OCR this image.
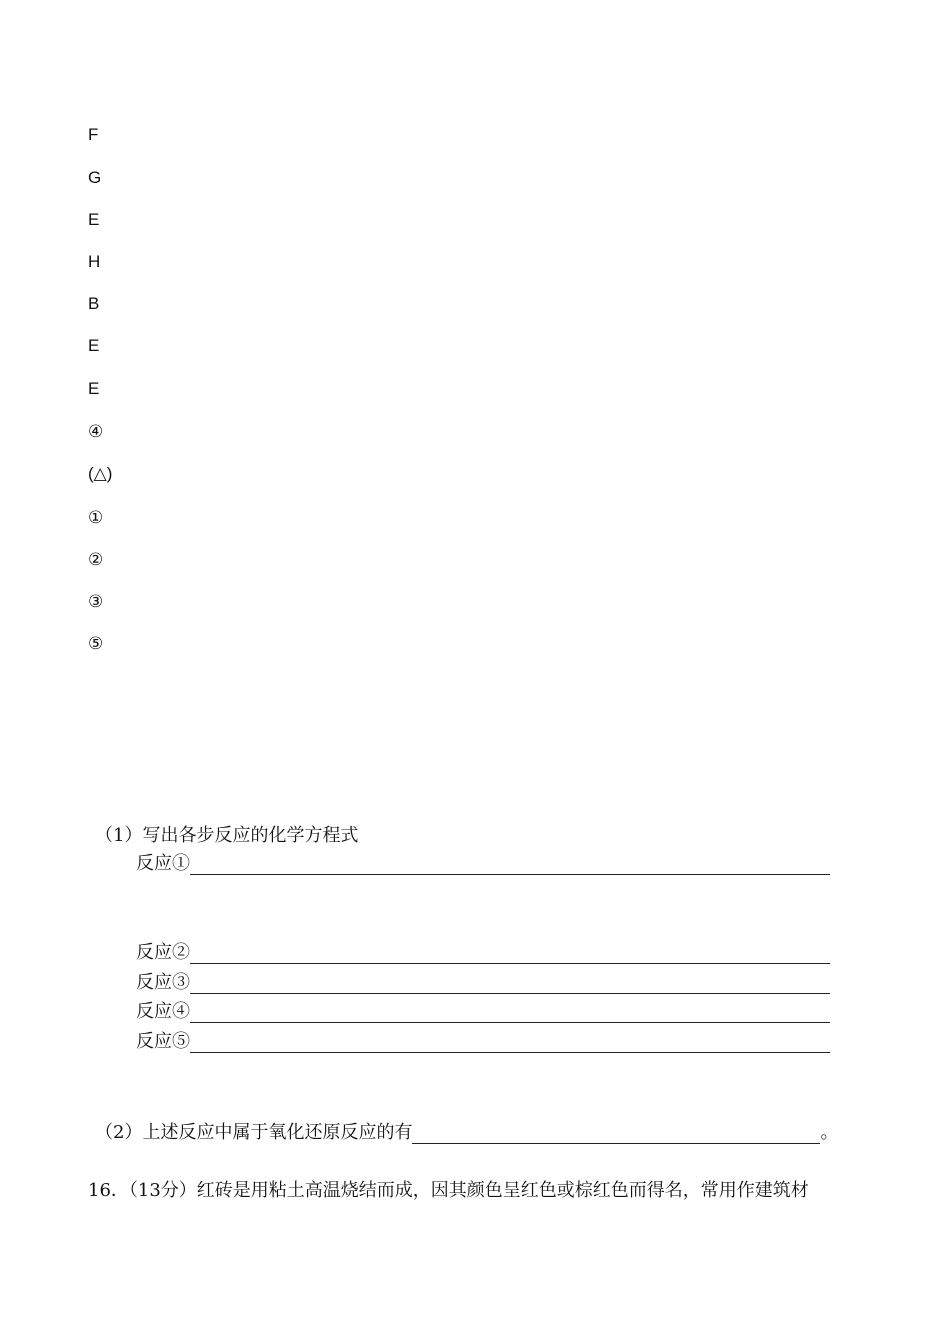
F
G
E
H
B
E
E
④
(△)
①
②
③
⑤
（1）写出各步反应的化学方程式
反应①
反应②
反应③
反应④
反应⑤
（2）上述反应中属于氧化还原反应的有	。
16．（13分）红砖是用粘土高温烧结而成，因其颜色呈红色或棕红色而得名，常用作建筑材
